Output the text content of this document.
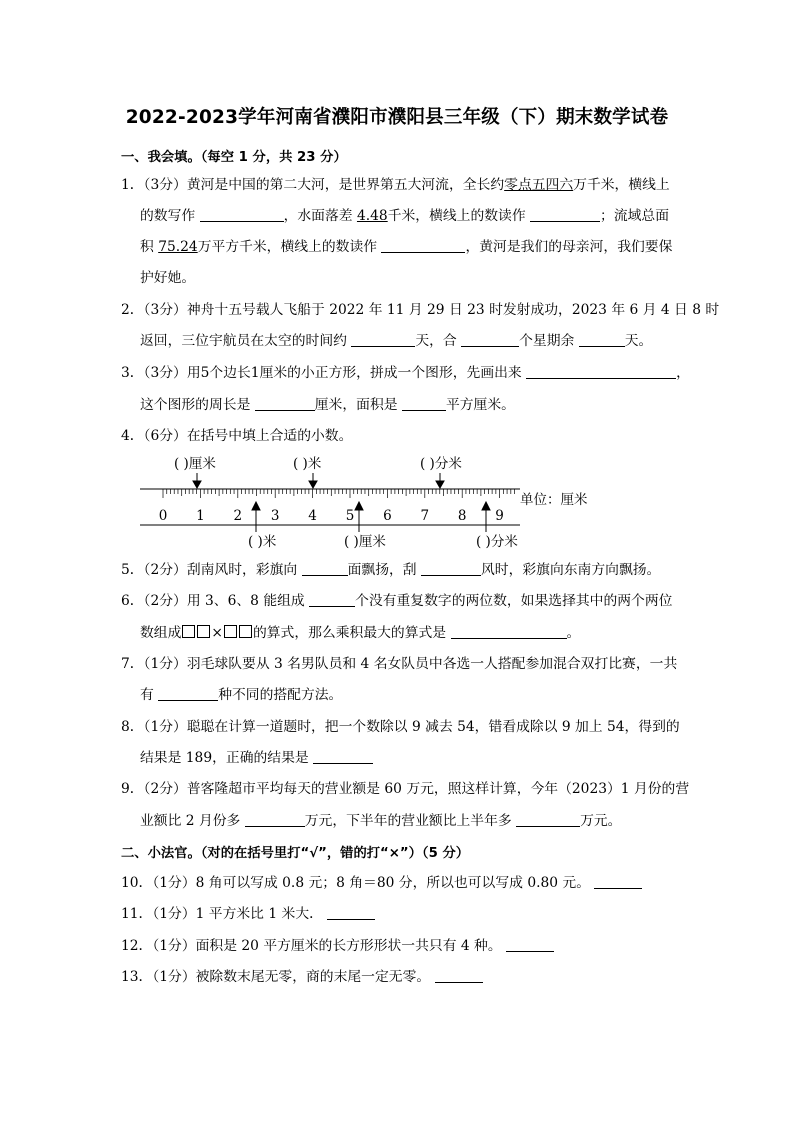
2022-2023学年河南省濮阳市濮阳县三年级（下）期末数学试卷
一、我会填。（每空 1 分，共 23 分）
1．（3分）黄河是中国的第二大河，是世界第五大河流，全长约零点五四六万千米，横线上
的数写作	，水面落差 4.48千米，横线上的数读作	；流域总面
积 75.24万平方千米，横线上的数读作	，黄河是我们的母亲河，我们要保
护好她。
2．（3分）神舟十五号载人飞船于 2022 年 11 月 29 日 23 时发射成功，2023 年 6 月 4 日 8 时
返回，三位宇航员在太空的时间约	天，合	个星期余	天。
3．（3分）用5个边长1厘米的小正方形，拼成一个图形，先画出来	，
这个图形的周长是	厘米，面积是	平方厘米。
4．（6分）在括号中填上合适的小数。
( )厘米	( )米	( )分米
0 1 2 3 4 5 6 7 8 9
单位：厘米
( )米	( )厘米	( )分米
5．（2分）刮南风时，彩旗向	面飘扬，刮	风时，彩旗向东南方向飘扬。
6．（2分）用 3、6、8 能组成	个没有重复数字的两位数，如果选择其中的两个两位
数组成 × 的算式，那么乘积最大的算式是	。
7．（1分）羽毛球队要从 3 名男队员和 4 名女队员中各选一人搭配参加混合双打比赛，一共
有	种不同的搭配方法。
8．（1分）聪聪在计算一道题时，把一个数除以 9 减去 54，错看成除以 9 加上 54，得到的
结果是 189，正确的结果是
9．（2分）普客隆超市平均每天的营业额是 60 万元，照这样计算，今年（2023）1 月份的营
业额比 2 月份多	万元，下半年的营业额比上半年多	万元。
二、小法官。（对的在括号里打“√”，错的打“×”）（5 分）
10．（1分）8 角可以写成 0.8 元；8 角＝80 分，所以也可以写成 0.80 元。
11．（1分）1 平方米比 1 米大．
12．（1分）面积是 20 平方厘米的长方形形状一共只有 4 种。
13．（1分）被除数末尾无零，商的末尾一定无零。
